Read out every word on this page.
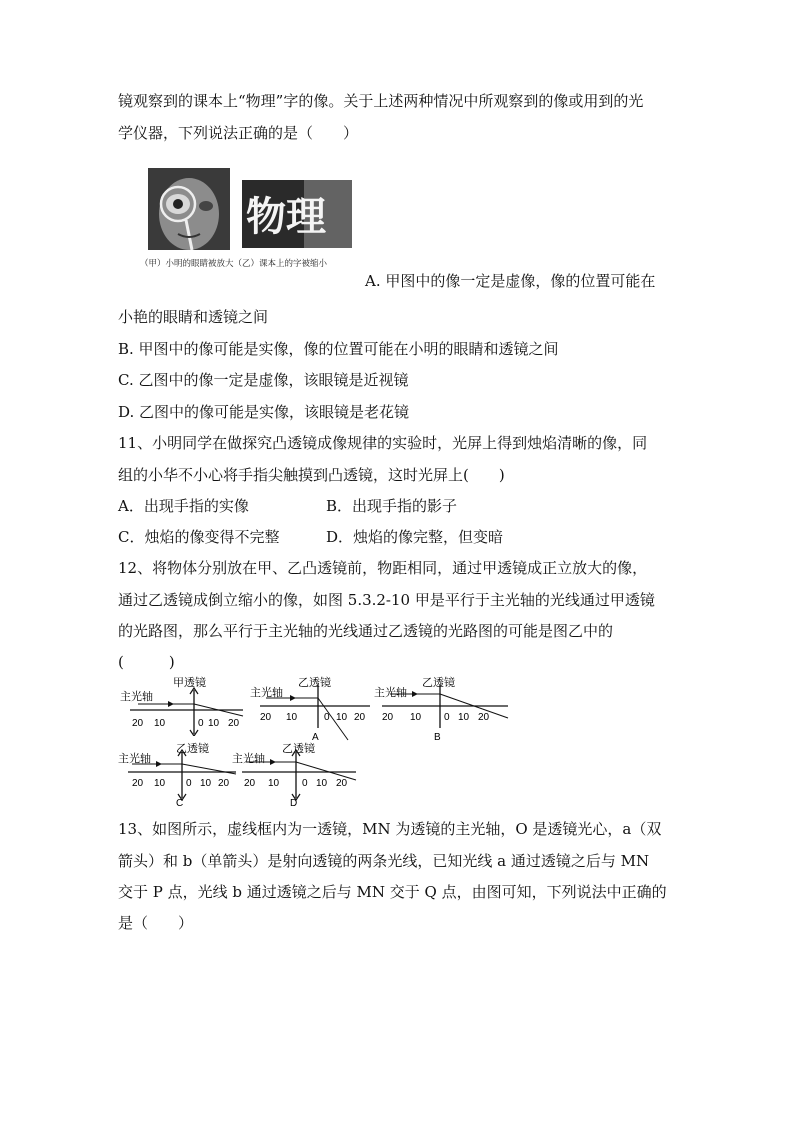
镜观察到的课本上“物理”字的像。关于上述两种情况中所观察到的像或用到的光
学仪器，下列说法正确的是（　　）
物理
（甲）小明的眼睛被放大（乙）课本上的字被缩小
A. 甲图中的像一定是虚像，像的位置可能在
小艳的眼睛和透镜之间
B. 甲图中的像可能是实像，像的位置可能在小明的眼睛和透镜之间
C. 乙图中的像一定是虚像，该眼镜是近视镜
D. 乙图中的像可能是实像，该眼镜是老花镜
11、小明同学在做探究凸透镜成像规律的实验时，光屏上得到烛焰清晰的像，同
组的小华不小心将手指尖触摸到凸透镜，这时光屏上(　　)
A．出现手指的实像	B．出现手指的影子
C．烛焰的像变得不完整	D．烛焰的像完整，但变暗
12、将物体分别放在甲、乙凸透镜前，物距相同，通过甲透镜成正立放大的像，
通过乙透镜成倒立缩小的像，如图 5.3.2-10 甲是平行于主光轴的光线通过甲透镜
的光路图，那么平行于主光轴的光线通过乙透镜的光路图的可能是图乙中的
(　　　)
甲透镜
主光轴
20 10	0 10 20
乙透镜
主光轴
20 10	0 10 20
A
乙透镜
主光轴
20 10 0 10 20
B
乙透镜
主光轴
20 10 0 10 20
C
乙透镜
主光轴
20 10 0 10 20
D
13、如图所示，虚线框内为一透镜，MN 为透镜的主光轴，O 是透镜光心，a（双
箭头）和 b（单箭头）是射向透镜的两条光线，已知光线 a 通过透镜之后与 MN
交于 P 点，光线 b 通过透镜之后与 MN 交于 Q 点，由图可知，下列说法中正确的
是（　　）
